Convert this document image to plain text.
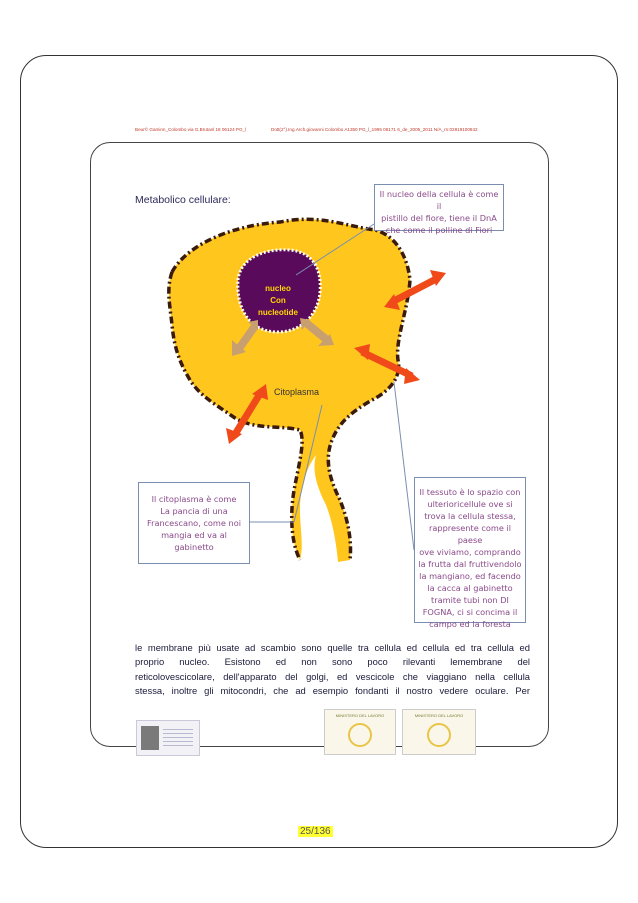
Beur© Gaminn_Colombo via G.Brutanl 18 06124 PG_l	Dott(2°).Ing.Arch.giovanni Colombo A1350 PG_l_1995 06171 6_de_2005_2011 N/A_rn:02819100842
Metabolico cellulare:
nucleo
Con
nucleotide
Citoplasma
Il nucleo della cellula è come il
pistillo del fiore, tiene il DnA
che come il polline di Fiori
Il citoplasma è come
La pancia di una
Francescano, come noi
mangia ed va al gabinetto
Il tessuto è lo spazio con
ulterioricellule ove si
trova la cellula stessa,
rappresente come il paese
ove viviamo, comprando
la frutta dal fruttivendolo
la mangiano, ed facendo
la cacca al gabinetto
tramite tubi non DI
FOGNA, ci si concima il
campo ed la foresta
le membrane più usate ad scambio sono quelle tra cellula ed cellula ed tra cellula ed
proprio nucleo. Esistono ed non sono poco rilevanti lemembrane del
reticolovescicolare, dell'apparato del golgi, ed vescicole che viaggiano nella cellula
stessa, inoltre gli mitocondri, che ad esempio fondanti il nostro vedere oculare. Per
MINISTERO DEL LAVORO	MINISTERO DEL LAVORO
25/136
